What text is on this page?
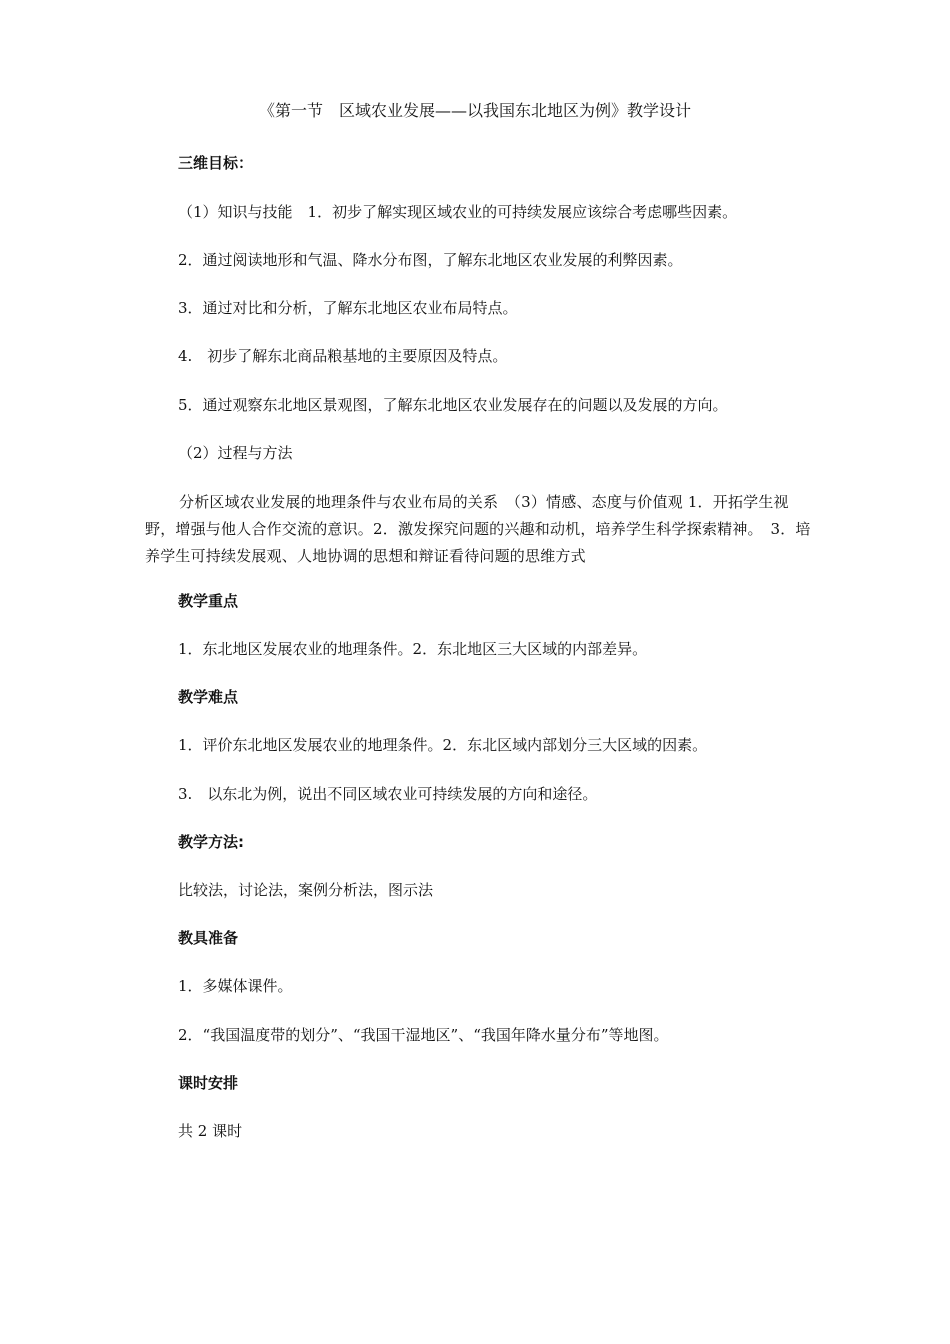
《第一节　区域农业发展——以我国东北地区为例》教学设计
三维目标：
（1）知识与技能　1．初步了解实现区域农业的可持续发展应该综合考虑哪些因素。
2．通过阅读地形和气温、降水分布图，了解东北地区农业发展的利弊因素。
3．通过对比和分析，了解东北地区农业布局特点。
4.　初步了解东北商品粮基地的主要原因及特点。
5．通过观察东北地区景观图，了解东北地区农业发展存在的问题以及发展的方向。
（2）过程与方法
分析区域农业发展的地理条件与农业布局的关系　（3）情感、态度与价值观 1．开拓学生视野，增强与他人合作交流的意识。2．激发探究问题的兴趣和动机，培养学生科学探索精神。　3．培养学生可持续发展观、人地协调的思想和辩证看待问题的思维方式
教学重点
1．东北地区发展农业的地理条件。2．东北地区三大区域的内部差异。
教学难点
1．评价东北地区发展农业的地理条件。2．东北区域内部划分三大区域的因素。
3.　以东北为例，说出不同区域农业可持续发展的方向和途径。
教学方法:
比较法，讨论法，案例分析法，图示法
教具准备
1．多媒体课件。
2．“我国温度带的划分”、“我国干湿地区”、“我国年降水量分布”等地图。
课时安排
共 2 课时
